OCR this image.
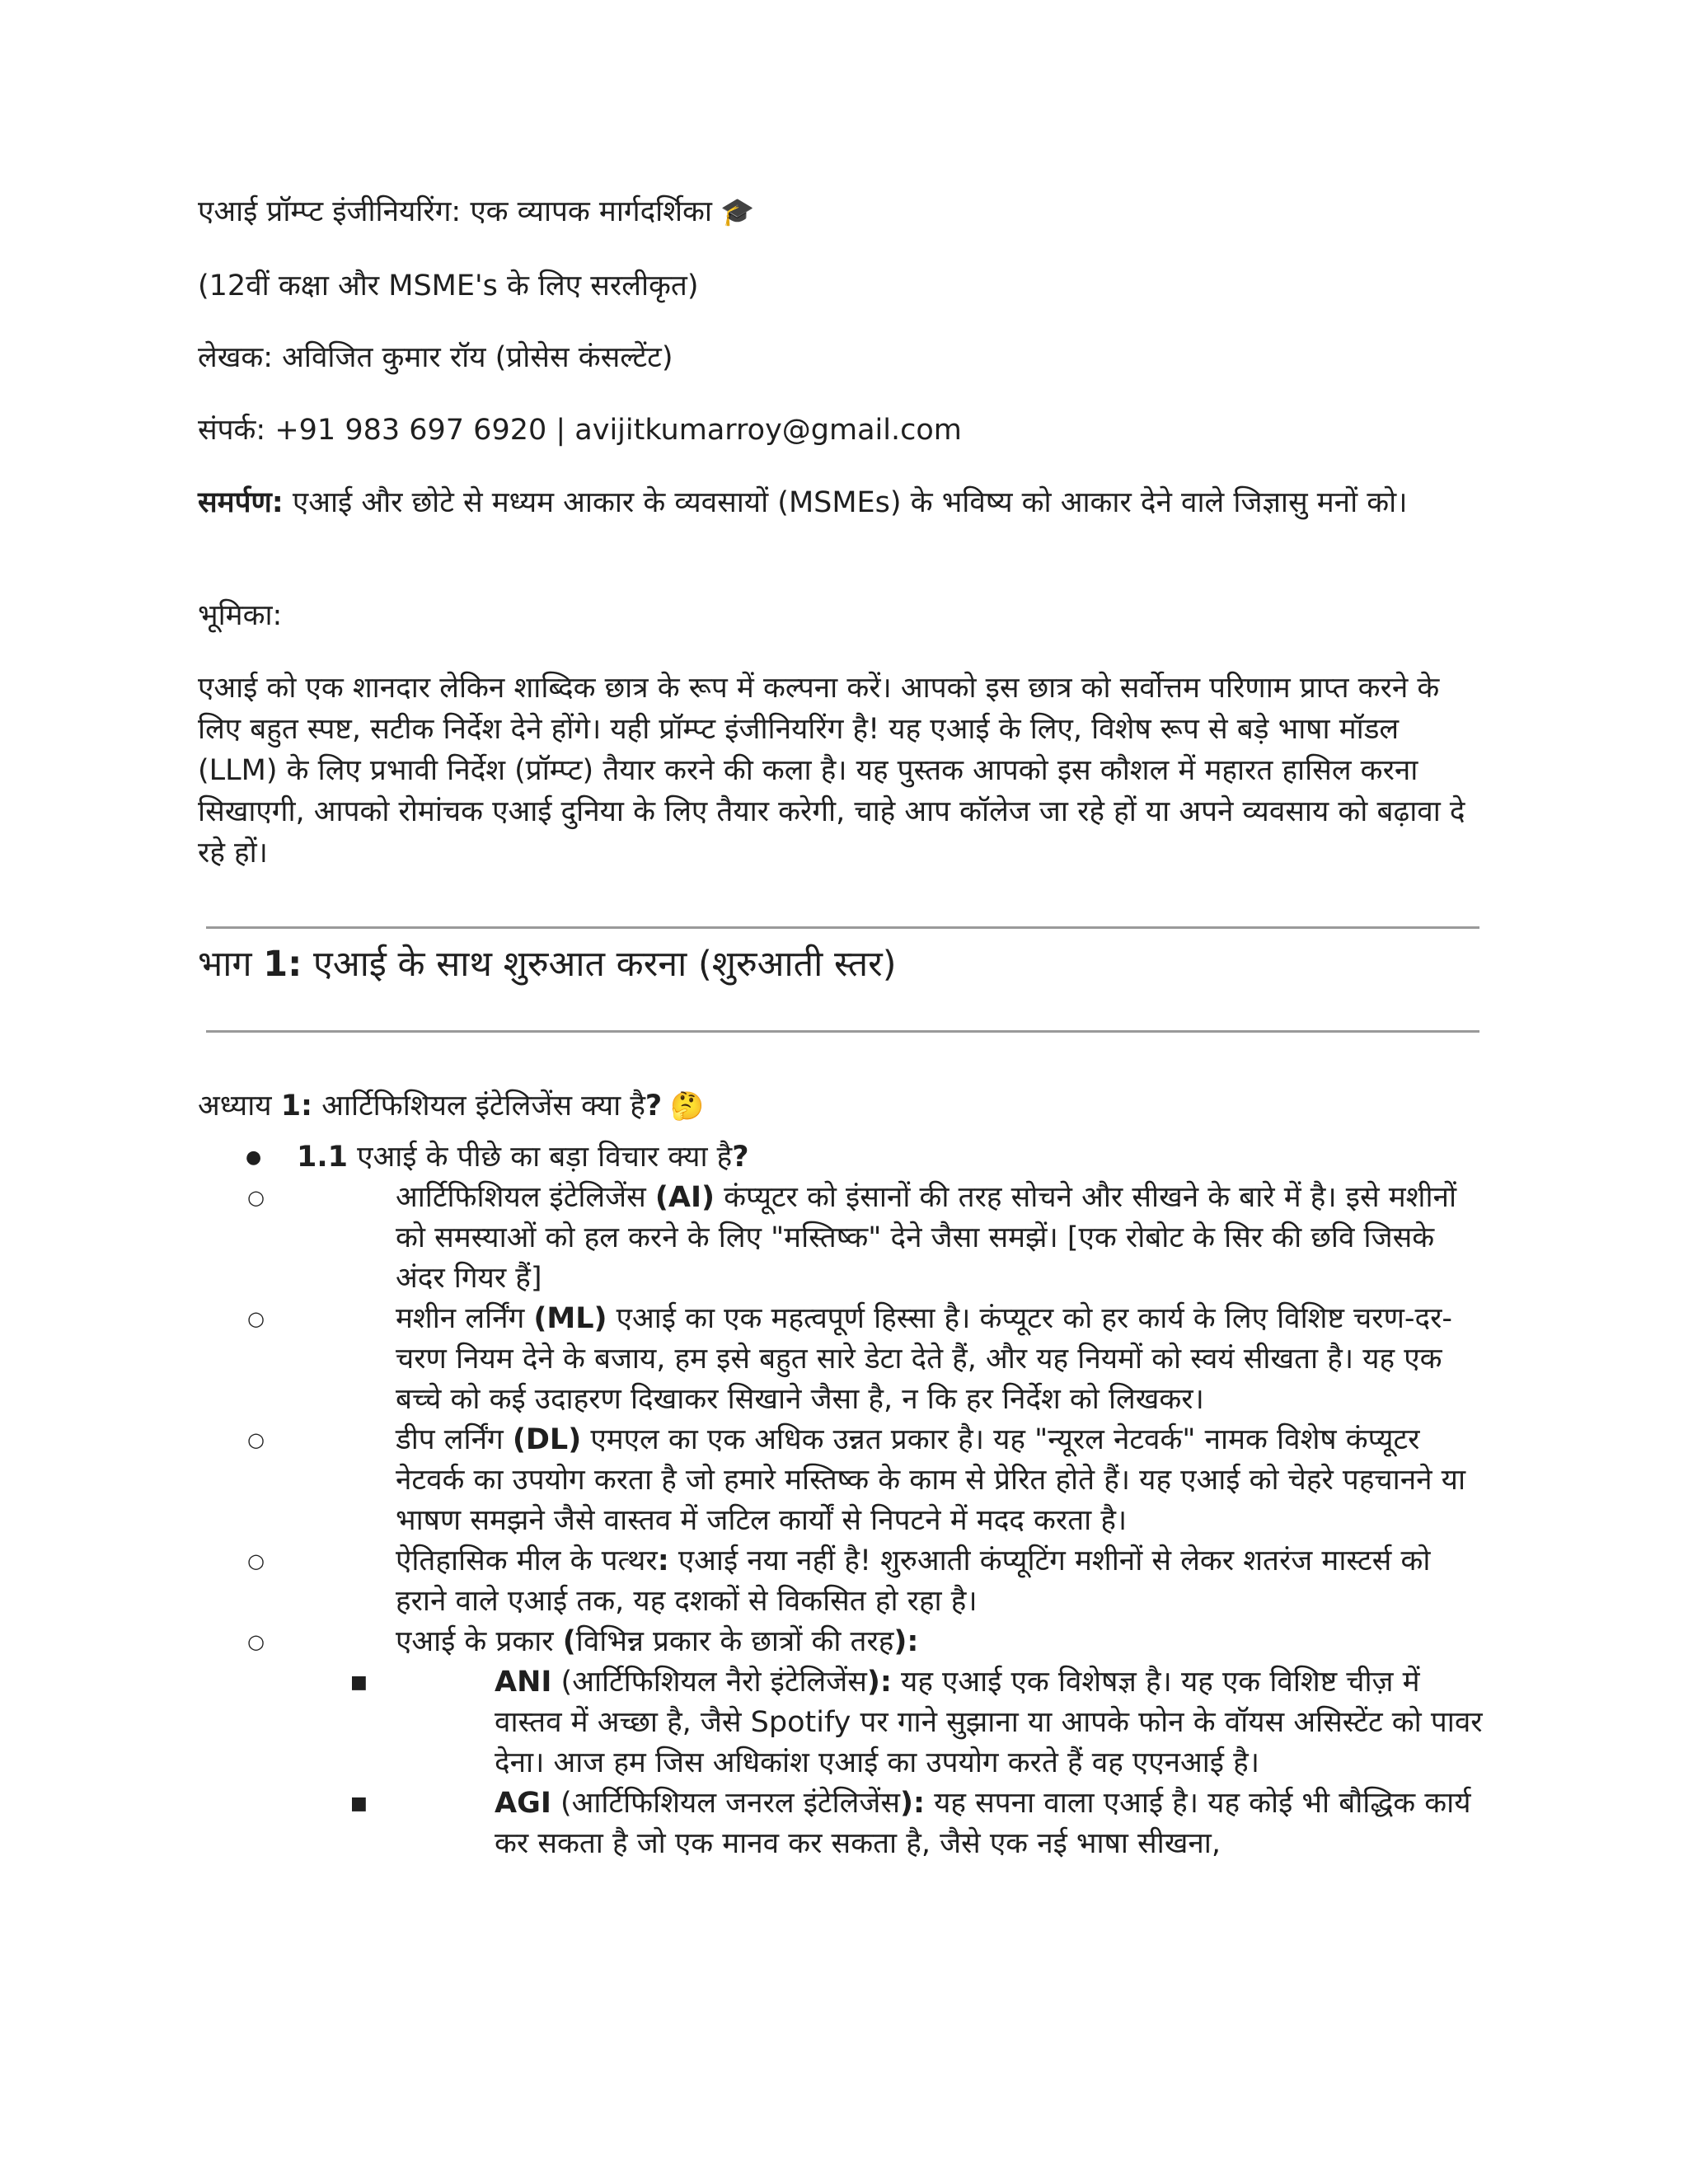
एआई प्रॉम्प्ट इंजीनियरिंग: एक व्यापक मार्गदर्शिका 🎓

(12वीं कक्षा और MSME's के लिए सरलीकृत)

लेखक: अविजित कुमार रॉय (प्रोसेस कंसल्टेंट)

संपर्क: +91 983 697 6920 | avijitkumarroy@gmail.com

समर्पण: एआई और छोटे से मध्यम आकार के व्यवसायों (MSMEs) के भविष्य को आकार देने वाले जिज्ञासु मनों को।

भूमिका:

एआई को एक शानदार लेकिन शाब्दिक छात्र के रूप में कल्पना करें। आपको इस छात्र को सर्वोत्तम परिणाम प्राप्त करने के लिए बहुत स्पष्ट, सटीक निर्देश देने होंगे। यही प्रॉम्प्ट इंजीनियरिंग है! यह एआई के लिए, विशेष रूप से बड़े भाषा मॉडल (LLM) के लिए प्रभावी निर्देश (प्रॉम्प्ट) तैयार करने की कला है। यह पुस्तक आपको इस कौशल में महारत हासिल करना सिखाएगी, आपको रोमांचक एआई दुनिया के लिए तैयार करेगी, चाहे आप कॉलेज जा रहे हों या अपने व्यवसाय को बढ़ावा दे रहे हों।

भाग 1: एआई के साथ शुरुआत करना (शुरुआती स्तर)

अध्याय 1: आर्टिफिशियल इंटेलिजेंस क्या है? 🤔

● 1.1 एआई के पीछे का बड़ा विचार क्या है?
○ आर्टिफिशियल इंटेलिजेंस (AI) कंप्यूटर को इंसानों की तरह सोचने और सीखने के बारे में है। इसे मशीनों को समस्याओं को हल करने के लिए "मस्तिष्क" देने जैसा समझें। [एक रोबोट के सिर की छवि जिसके अंदर गियर हैं]
○ मशीन लर्निंग (ML) एआई का एक महत्वपूर्ण हिस्सा है। कंप्यूटर को हर कार्य के लिए विशिष्ट चरण-दर-चरण नियम देने के बजाय, हम इसे बहुत सारे डेटा देते हैं, और यह नियमों को स्वयं सीखता है। यह एक बच्चे को कई उदाहरण दिखाकर सिखाने जैसा है, न कि हर निर्देश को लिखकर।
○ डीप लर्निंग (DL) एमएल का एक अधिक उन्नत प्रकार है। यह "न्यूरल नेटवर्क" नामक विशेष कंप्यूटर नेटवर्क का उपयोग करता है जो हमारे मस्तिष्क के काम से प्रेरित होते हैं। यह एआई को चेहरे पहचानने या भाषण समझने जैसे वास्तव में जटिल कार्यों से निपटने में मदद करता है।
○ ऐतिहासिक मील के पत्थर: एआई नया नहीं है! शुरुआती कंप्यूटिंग मशीनों से लेकर शतरंज मास्टर्स को हराने वाले एआई तक, यह दशकों से विकसित हो रहा है।
○ एआई के प्रकार (विभिन्न प्रकार के छात्रों की तरह):
■ ANI (आर्टिफिशियल नैरो इंटेलिजेंस): यह एआई एक विशेषज्ञ है। यह एक विशिष्ट चीज़ में वास्तव में अच्छा है, जैसे Spotify पर गाने सुझाना या आपके फोन के वॉयस असिस्टेंट को पावर देना। आज हम जिस अधिकांश एआई का उपयोग करते हैं वह एएनआई है।
■ AGI (आर्टिफिशियल जनरल इंटेलिजेंस): यह सपना वाला एआई है। यह कोई भी बौद्धिक कार्य कर सकता है जो एक मानव कर सकता है, जैसे एक नई भाषा सीखना,
